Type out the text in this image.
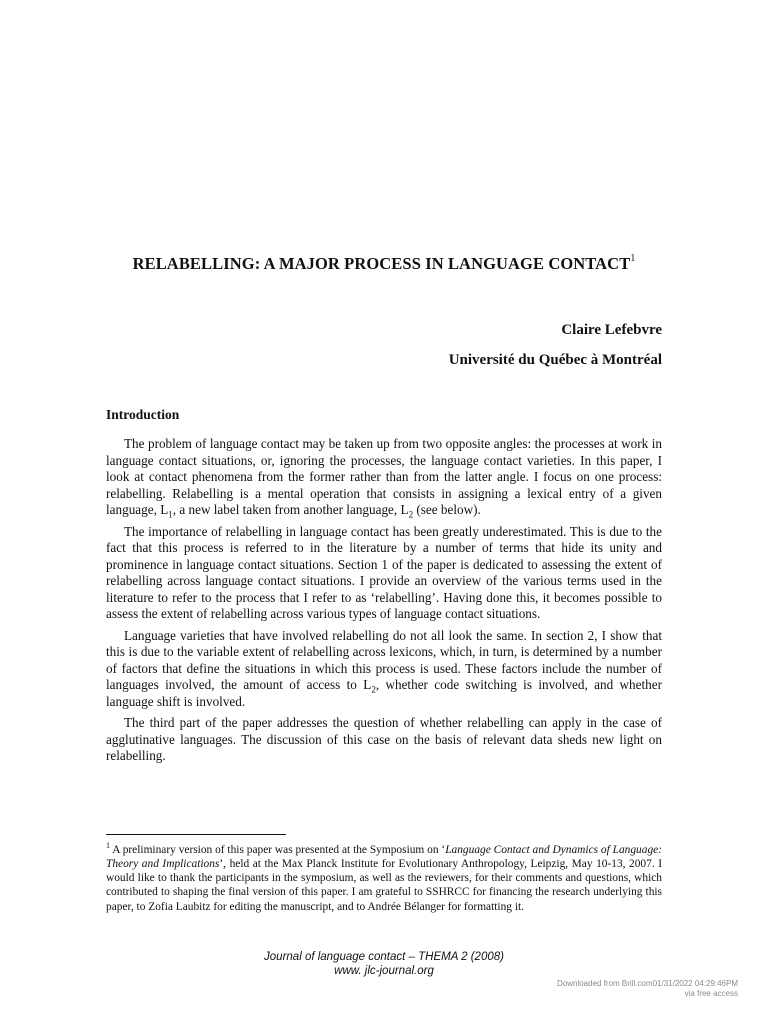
RELABELLING: A MAJOR PROCESS IN LANGUAGE CONTACT$^1$
Claire Lefebvre
Université du Québec à Montréal
Introduction

The problem of language contact may be taken up from two opposite angles: the processes at work in language contact situations, or, ignoring the processes, the language contact varieties. In this paper, I look at contact phenomena from the former rather than from the latter angle. I focus on one process: relabelling. Relabelling is a mental operation that consists in assigning a lexical entry of a given language, $L_1$, a new label taken from another language, $L_2$ (see below).

The importance of relabelling in language contact has been greatly underestimated. This is due to the fact that this process is referred to in the literature by a number of terms that hide its unity and prominence in language contact situations. Section 1 of the paper is dedicated to assessing the extent of relabelling across language contact situations. I provide an overview of the various terms used in the literature to refer to the process that I refer to as ‘relabelling’. Having done this, it becomes possible to assess the extent of relabelling across various types of language contact situations.

Language varieties that have involved relabelling do not all look the same. In section 2, I show that this is due to the variable extent of relabelling across lexicons, which, in turn, is determined by a number of factors that define the situations in which this process is used. These factors include the number of languages involved, the amount of access to $L_2$, whether code switching is involved, and whether language shift is involved.

The third part of the paper addresses the question of whether relabelling can apply in the case of agglutinative languages. The discussion of this case on the basis of relevant data sheds new light on relabelling.

$^1$ A preliminary version of this paper was presented at the Symposium on ‘Language Contact and Dynamics of Language: Theory and Implications’, held at the Max Planck Institute for Evolutionary Anthropology, Leipzig, May 10-13, 2007. I would like to thank the participants in the symposium, as well as the reviewers, for their comments and questions, which contributed to shaping the final version of this paper. I am grateful to SSHRCC for financing the research underlying this paper, to Zofia Laubitz for editing the manuscript, and to Andrée Bélanger for formatting it.
Journal of language contact – THEMA 2 (2008)
www. jlc-journal.org
Downloaded from Brill.com01/31/2022 04:29:46PM
via free access
